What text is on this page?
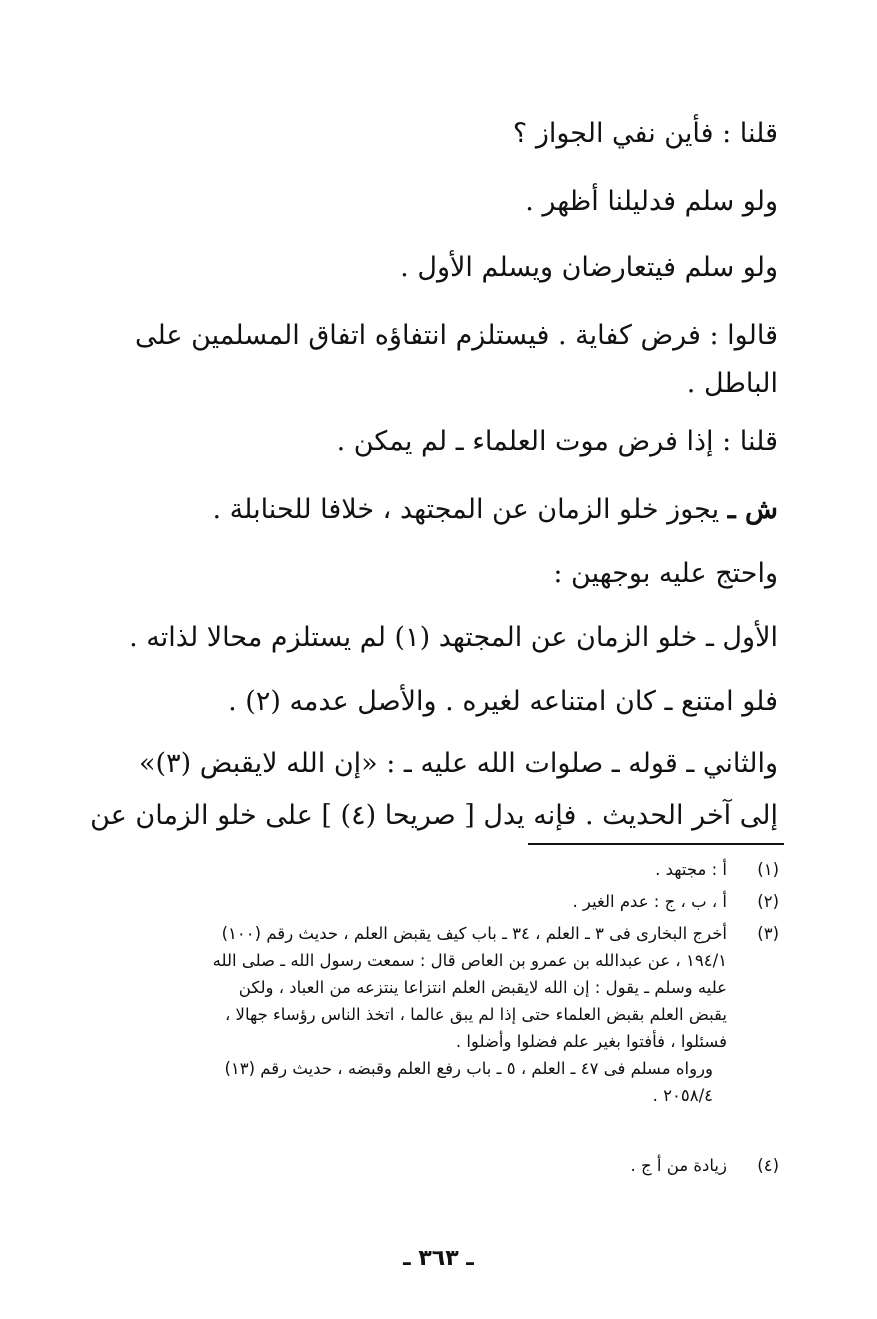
قلنا : فأين نفي الجواز ؟
ولو سلم فدليلنا أظهر .
ولو سلم فيتعارضان ويسلم الأول .
قالوا : فرض كفاية . فيستلزم انتفاؤه اتفاق المسلمين على
الباطل .
قلنا : إذا فرض موت العلماء ـ لم يمكن .
ش ـ يجوز خلو الزمان عن المجتهد ، خلافا للحنابلة .
واحتج عليه بوجهين :
الأول ـ خلو الزمان عن المجتهد (١) لم يستلزم محالا لذاته .
فلو امتنع ـ كان امتناعه لغيره . والأصل عدمه (٢) .
والثاني ـ قوله ـ صلوات الله عليه ـ : «إن الله لايقبض (٣)»
إلى آخر الحديث . فإنه يدل [ صريحا (٤) ] على خلو الزمان عن
(١)
أ : مجتهد .
(٢)
أ ، ب ، ج : عدم الغير .
(٣)
أخرج البخارى فى ٣ ـ العلم ، ٣٤ ـ باب كيف يقبض العلم ، حديث رقم (١٠٠)
١٩٤/١ ، عن عبدالله بن عمرو بن العاص قال : سمعت رسول الله ـ صلى الله
عليه وسلم ـ يقول : إن الله لايقبض العلم انتزاعا ينتزعه من العباد ، ولكن
يقبض العلم بقبض العلماء حتى إذا لم يبق عالما ، اتخذ الناس رؤساء جهالا ،
فسئلوا ، فأفتوا بغير علم فضلوا وأضلوا .
ورواه مسلم فى ٤٧ ـ العلم ، ٥ ـ باب رفع العلم وقبضه ، حديث رقم (١٣)
٢٠٥٨/٤ .
(٤)
زيادة من أ ج .
ـ ٣٦٣ ـ
